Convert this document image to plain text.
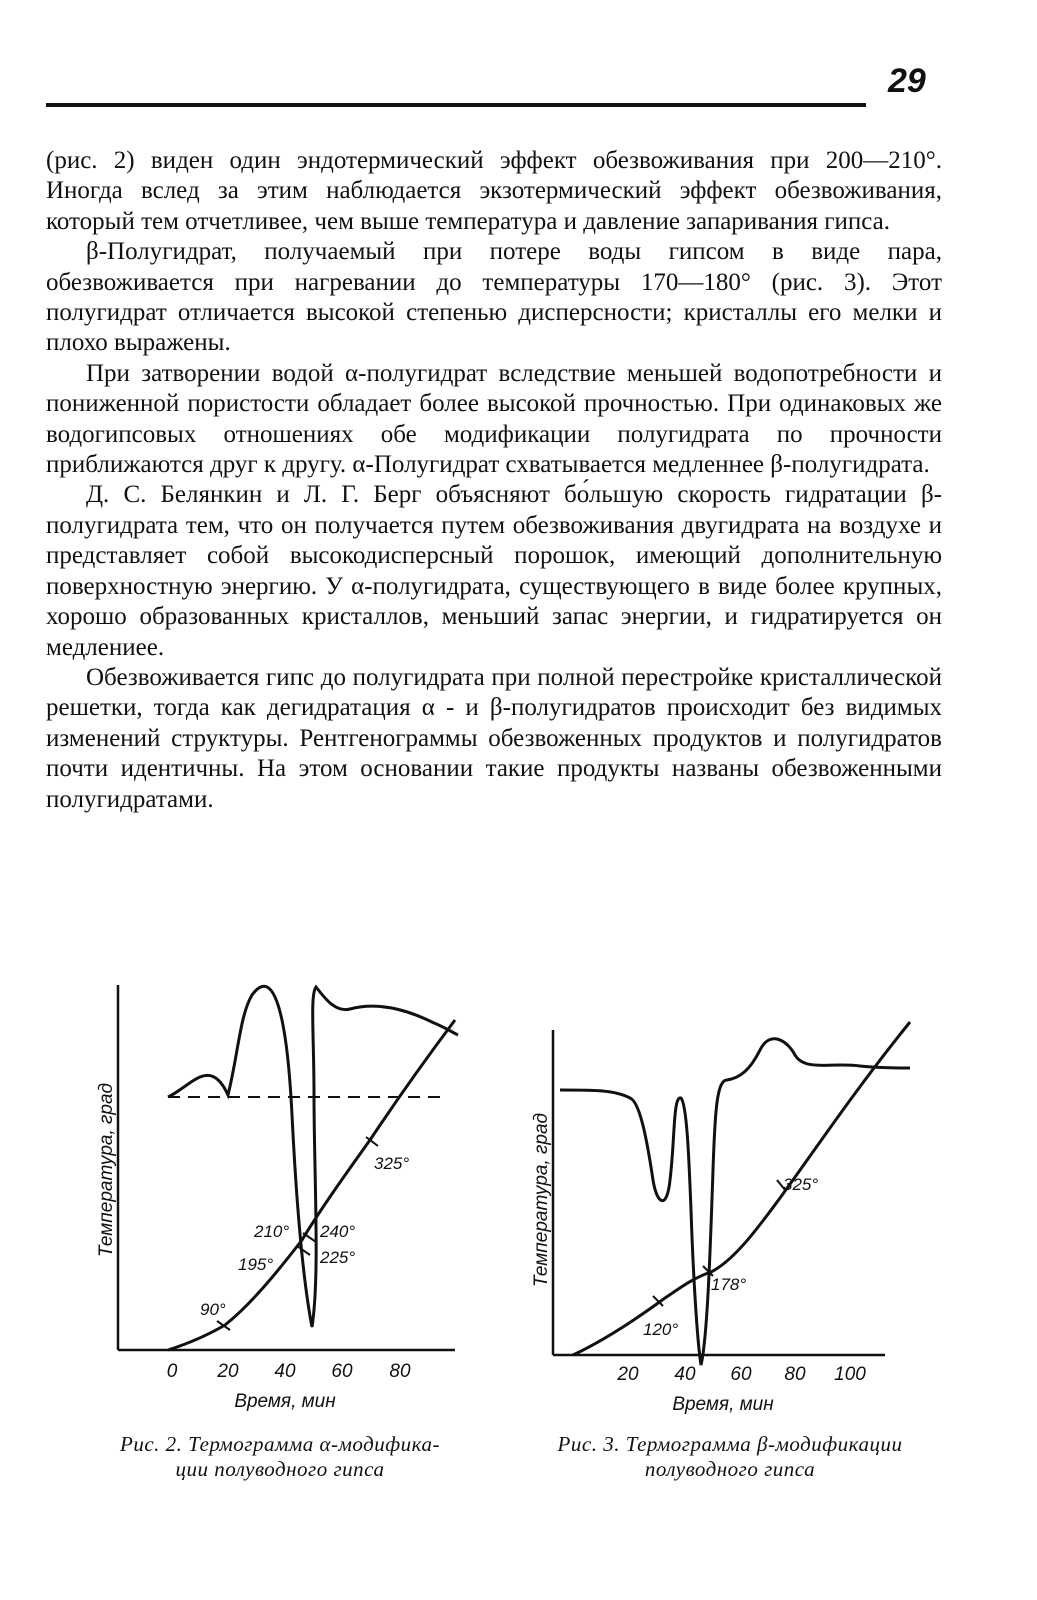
29

(рис. 2) виден один эндотермический эффект обезвоживания при 200—210°. Иногда вслед за этим наблюдается экзотермический эффект обезвоживания, который тем отчетливее, чем выше температура и давление запаривания гипса.

β-Полугидрат, получаемый при потере воды гипсом в виде пара, обезвоживается при нагревании до температуры 170—180° (рис. 3). Этот полугидрат отличается высокой степенью дисперсности; кристаллы его мелки и плохо выражены.

При затворении водой α-полугидрат вследствие меньшей водопотребности и пониженной пористости обладает более высокой прочностью. При одинаковых же водогипсовых отношениях обе модификации полугидрата по прочности приближаются друг к другу. α-Полугидрат схватывается медленнее β-полугидрата.

Д. С. Белянкин и Л. Г. Берг объясняют бо́льшую скорость гидратации β-полугидрата тем, что он получается путем обезвоживания двугидрата на воздухе и представляет собой высокодисперсный порошок, имеющий дополнительную поверхностную энергию. У α-полугидрата, существующего в виде более крупных, хорошо образованных кристаллов, меньший запас энергии, и гидратируется он медлениее.

Обезвоживается гипс до полугидрата при полной перестройке кристаллической решетки, тогда как дегидратация α - и β-полугидратов происходит без видимых изменений структуры. Рентгенограммы обезвоженных продуктов и полугидратов почти идентичны. На этом основании такие продукты названы обезвоженными полугидратами.

Температура, град
0 20 40 60 80
Время, мин
90°
195°
210° 240°
225°
325°	Температура, град
20 40 60 80 100
Время, мин
120°
178°
325°
Рис. 2. Термограмма α-модифика-
ции полуводного гипса
Рис. 3. Термограмма β-модификации
полуводного гипса
